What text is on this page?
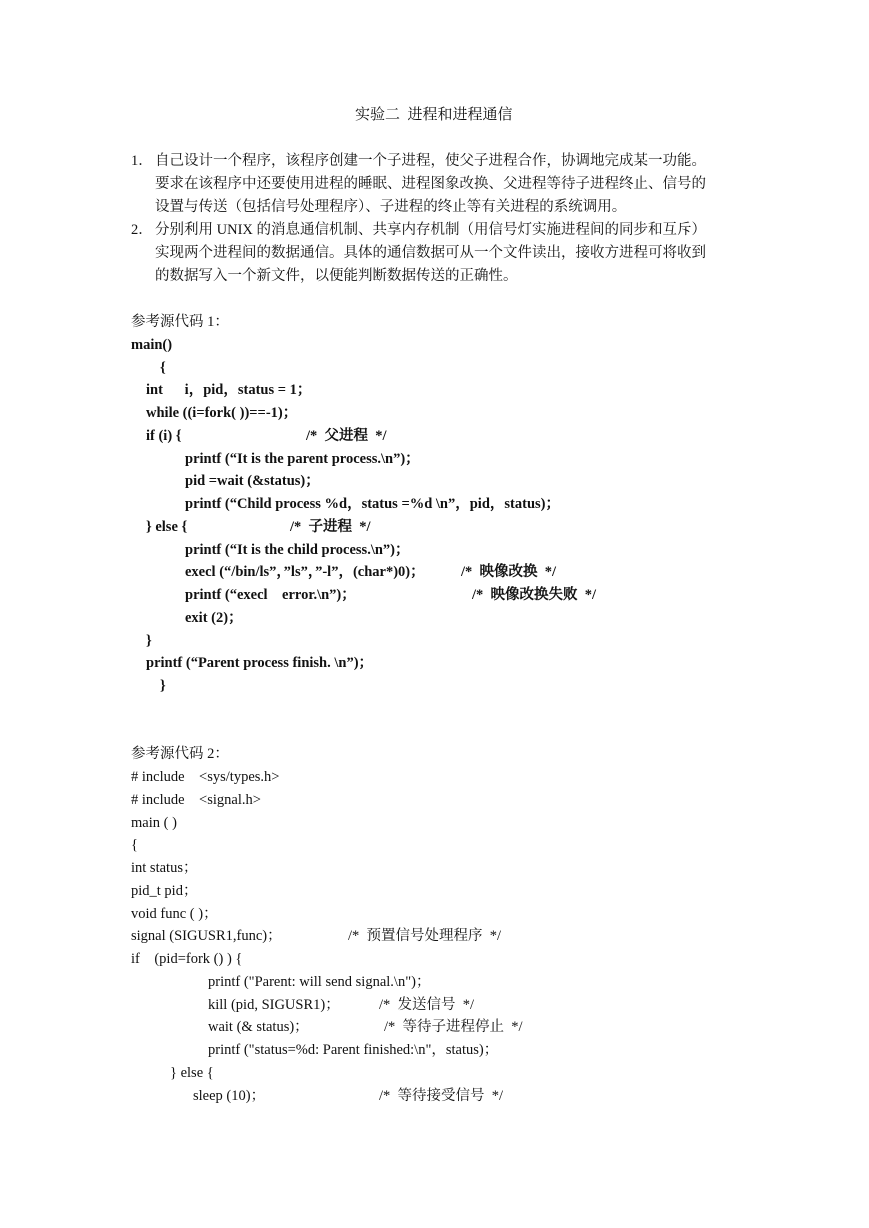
实验二  进程和进程通信
1． 自己设计一个程序，该程序创建一个子进程，使父子进程合作，协调地完成某一功能。
要求在该程序中还要使用进程的睡眠、进程图象改换、父进程等待子进程终止、信号的
设置与传送（包括信号处理程序）、子进程的终止等有关进程的系统调用。
2． 分别利用 UNIX 的消息通信机制、共享内存机制（用信号灯实施进程间的同步和互斥）
实现两个进程间的数据通信。具体的通信数据可从一个文件读出，接收方进程可将收到
的数据写入一个新文件，以便能判断数据传送的正确性。
参考源代码 1：
main()
{
int      i，pid，status = 1；
while ((i=fork( ))==-1)；
if (i) {	/*  父进程  */
printf (“It is the parent process.\n”)；
pid =wait (&status)；
printf (“Child process %d，status =%d \n”，pid，status)；
} else {	/*  子进程  */
printf (“It is the child process.\n”)；
execl (“/bin/ls”，”ls”，”-l”，(char*)0)；	/*  映像改换  */
printf (“execl    error.\n”)；	/*  映像改换失败  */
exit (2)；
}
printf (“Parent process finish. \n”)；
}
参考源代码 2：
# include    <sys/types.h>
# include    <signal.h>
main ( )
{
int status；
pid_t pid；
void func ( )；
signal (SIGUSR1,func)；	/*  预置信号处理程序  */
if    (pid=fork () ) {
printf ("Parent: will send signal.\n")；
kill (pid, SIGUSR1)；	/*  发送信号  */
wait (& status)；	/*  等待子进程停止  */
printf ("status=%d: Parent finished:\n"，status)；
} else {
sleep (10)；	/*  等待接受信号  */
